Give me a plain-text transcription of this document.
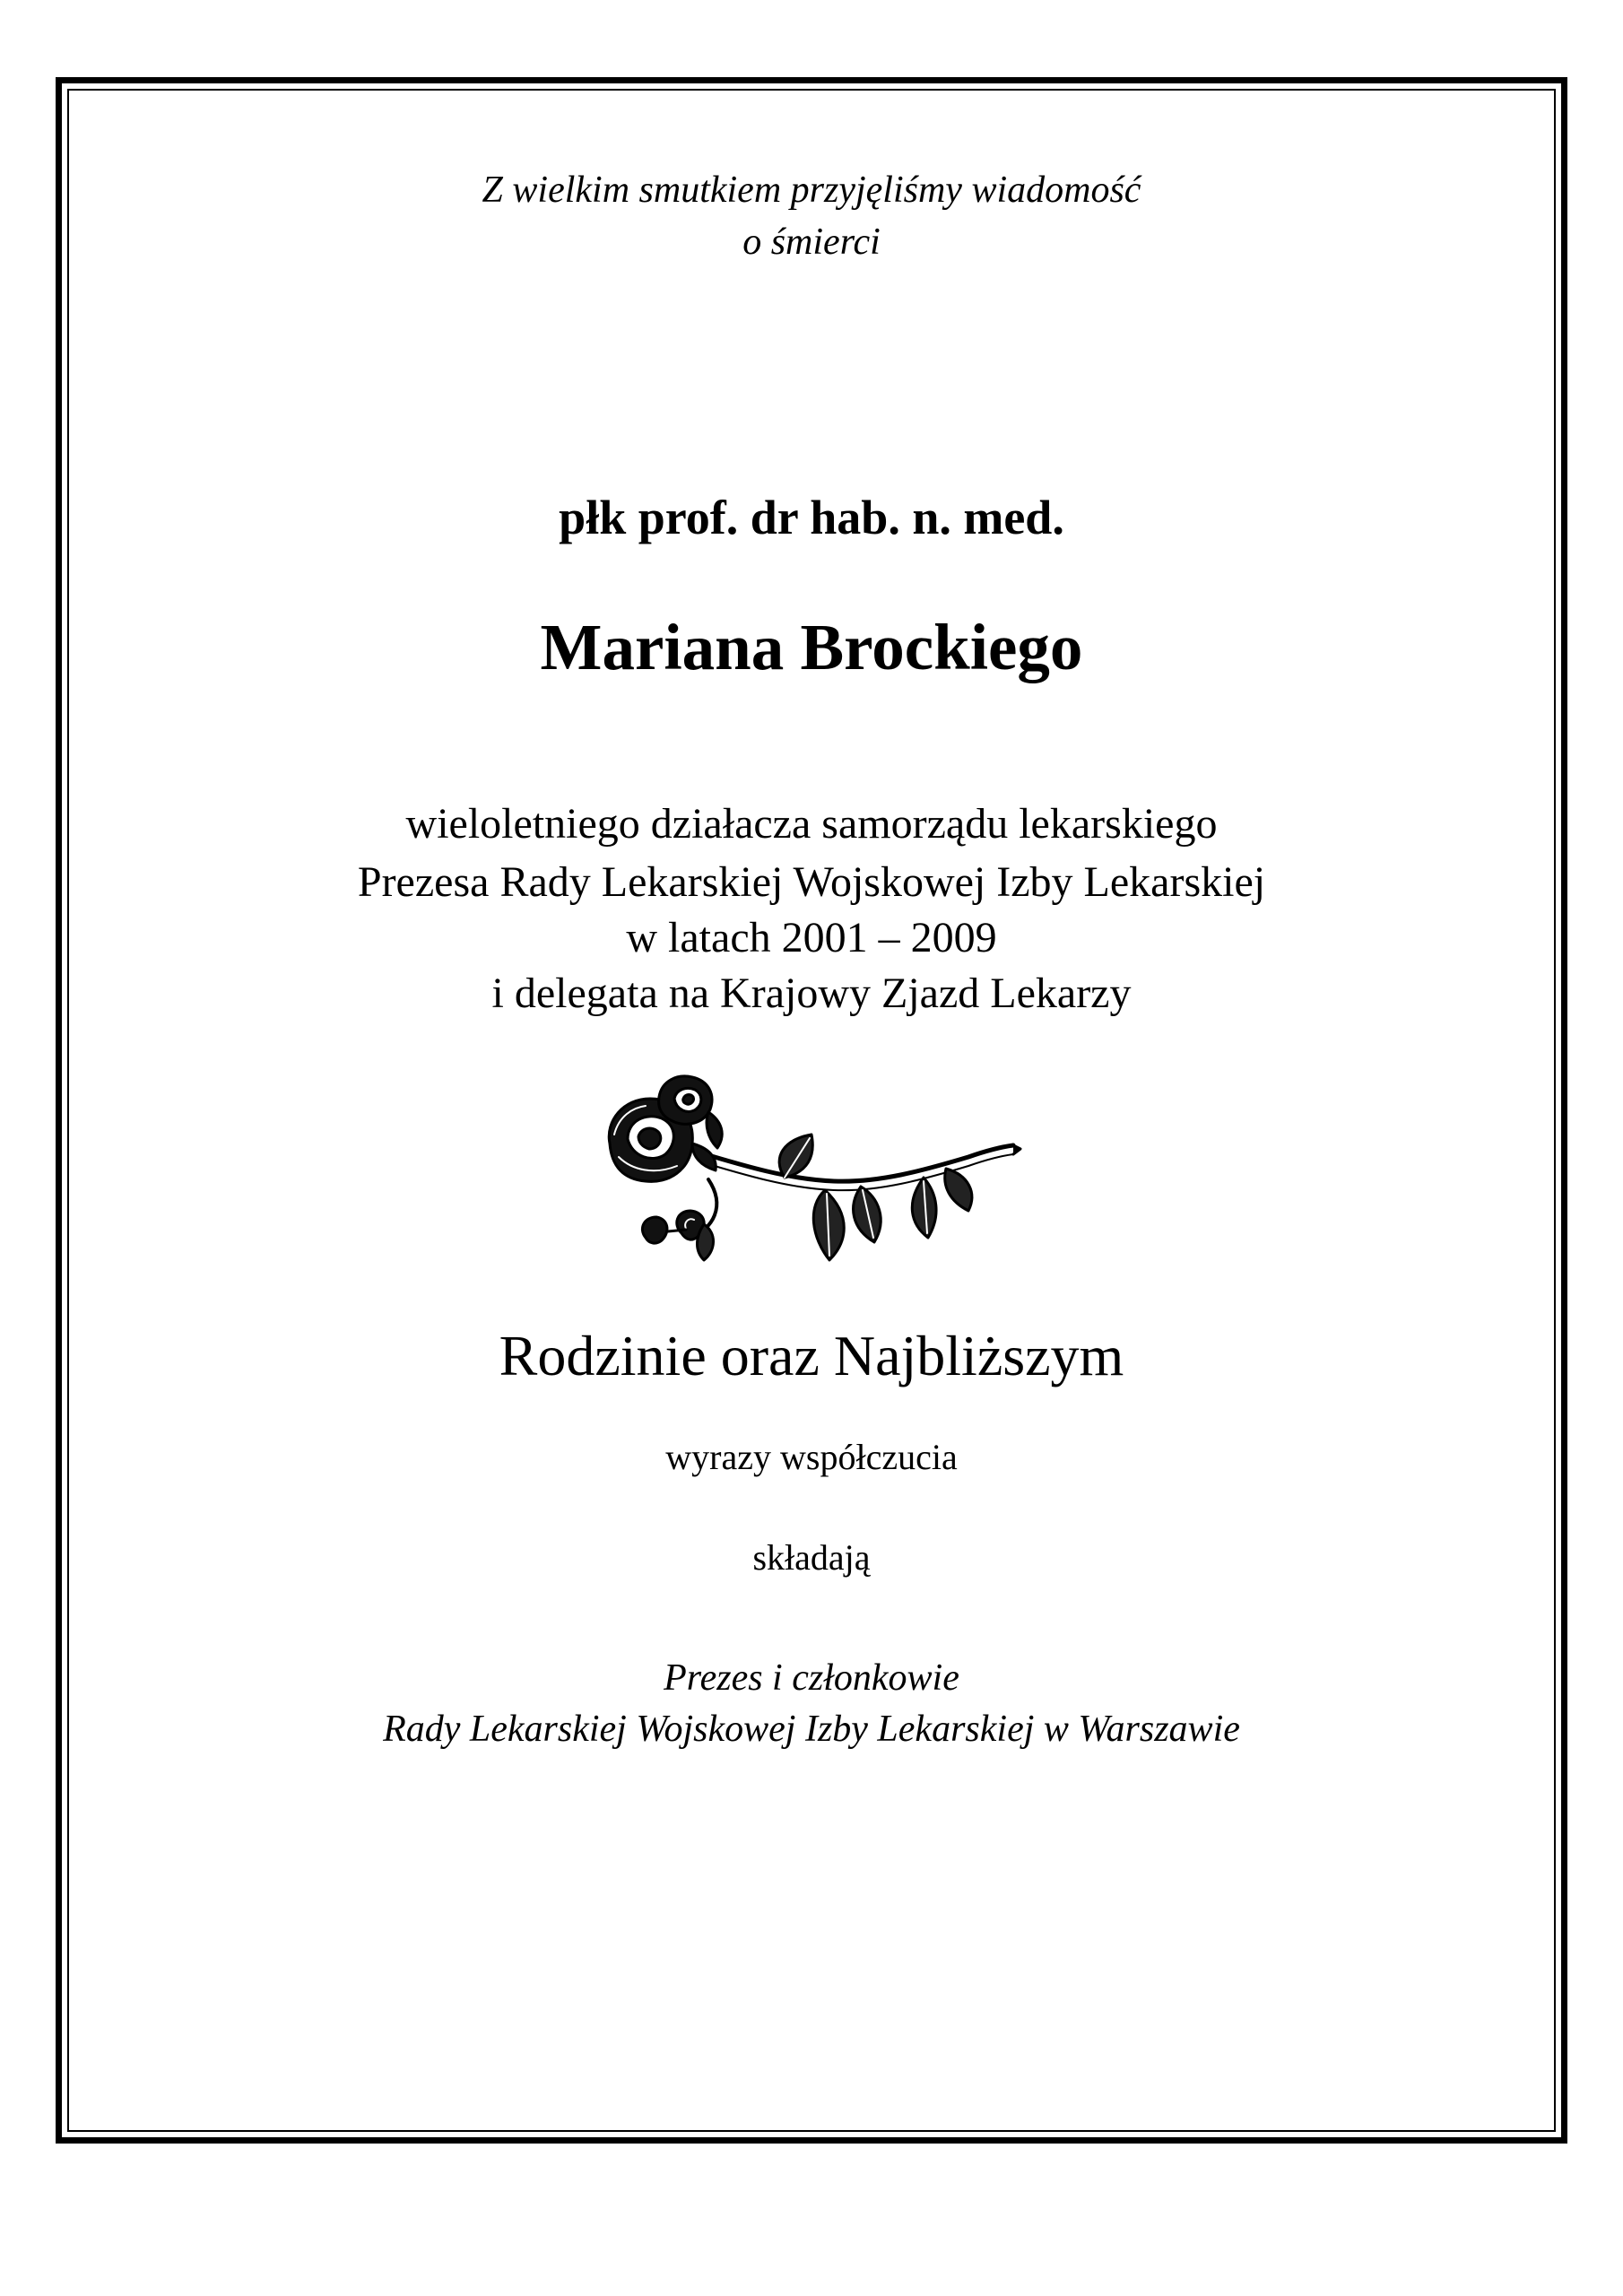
Z wielkim smutkiem przyjęliśmy wiadomość
o śmierci
płk prof. dr hab. n. med.
Mariana Brockiego
wieloletniego działacza samorządu lekarskiego
Prezesa Rady Lekarskiej Wojskowej Izby Lekarskiej
w latach 2001 – 2009
i delegata na Krajowy Zjazd Lekarzy
Rodzinie oraz Najbliższym
wyrazy współczucia
składają
Prezes i członkowie
Rady Lekarskiej Wojskowej Izby Lekarskiej w Warszawie
